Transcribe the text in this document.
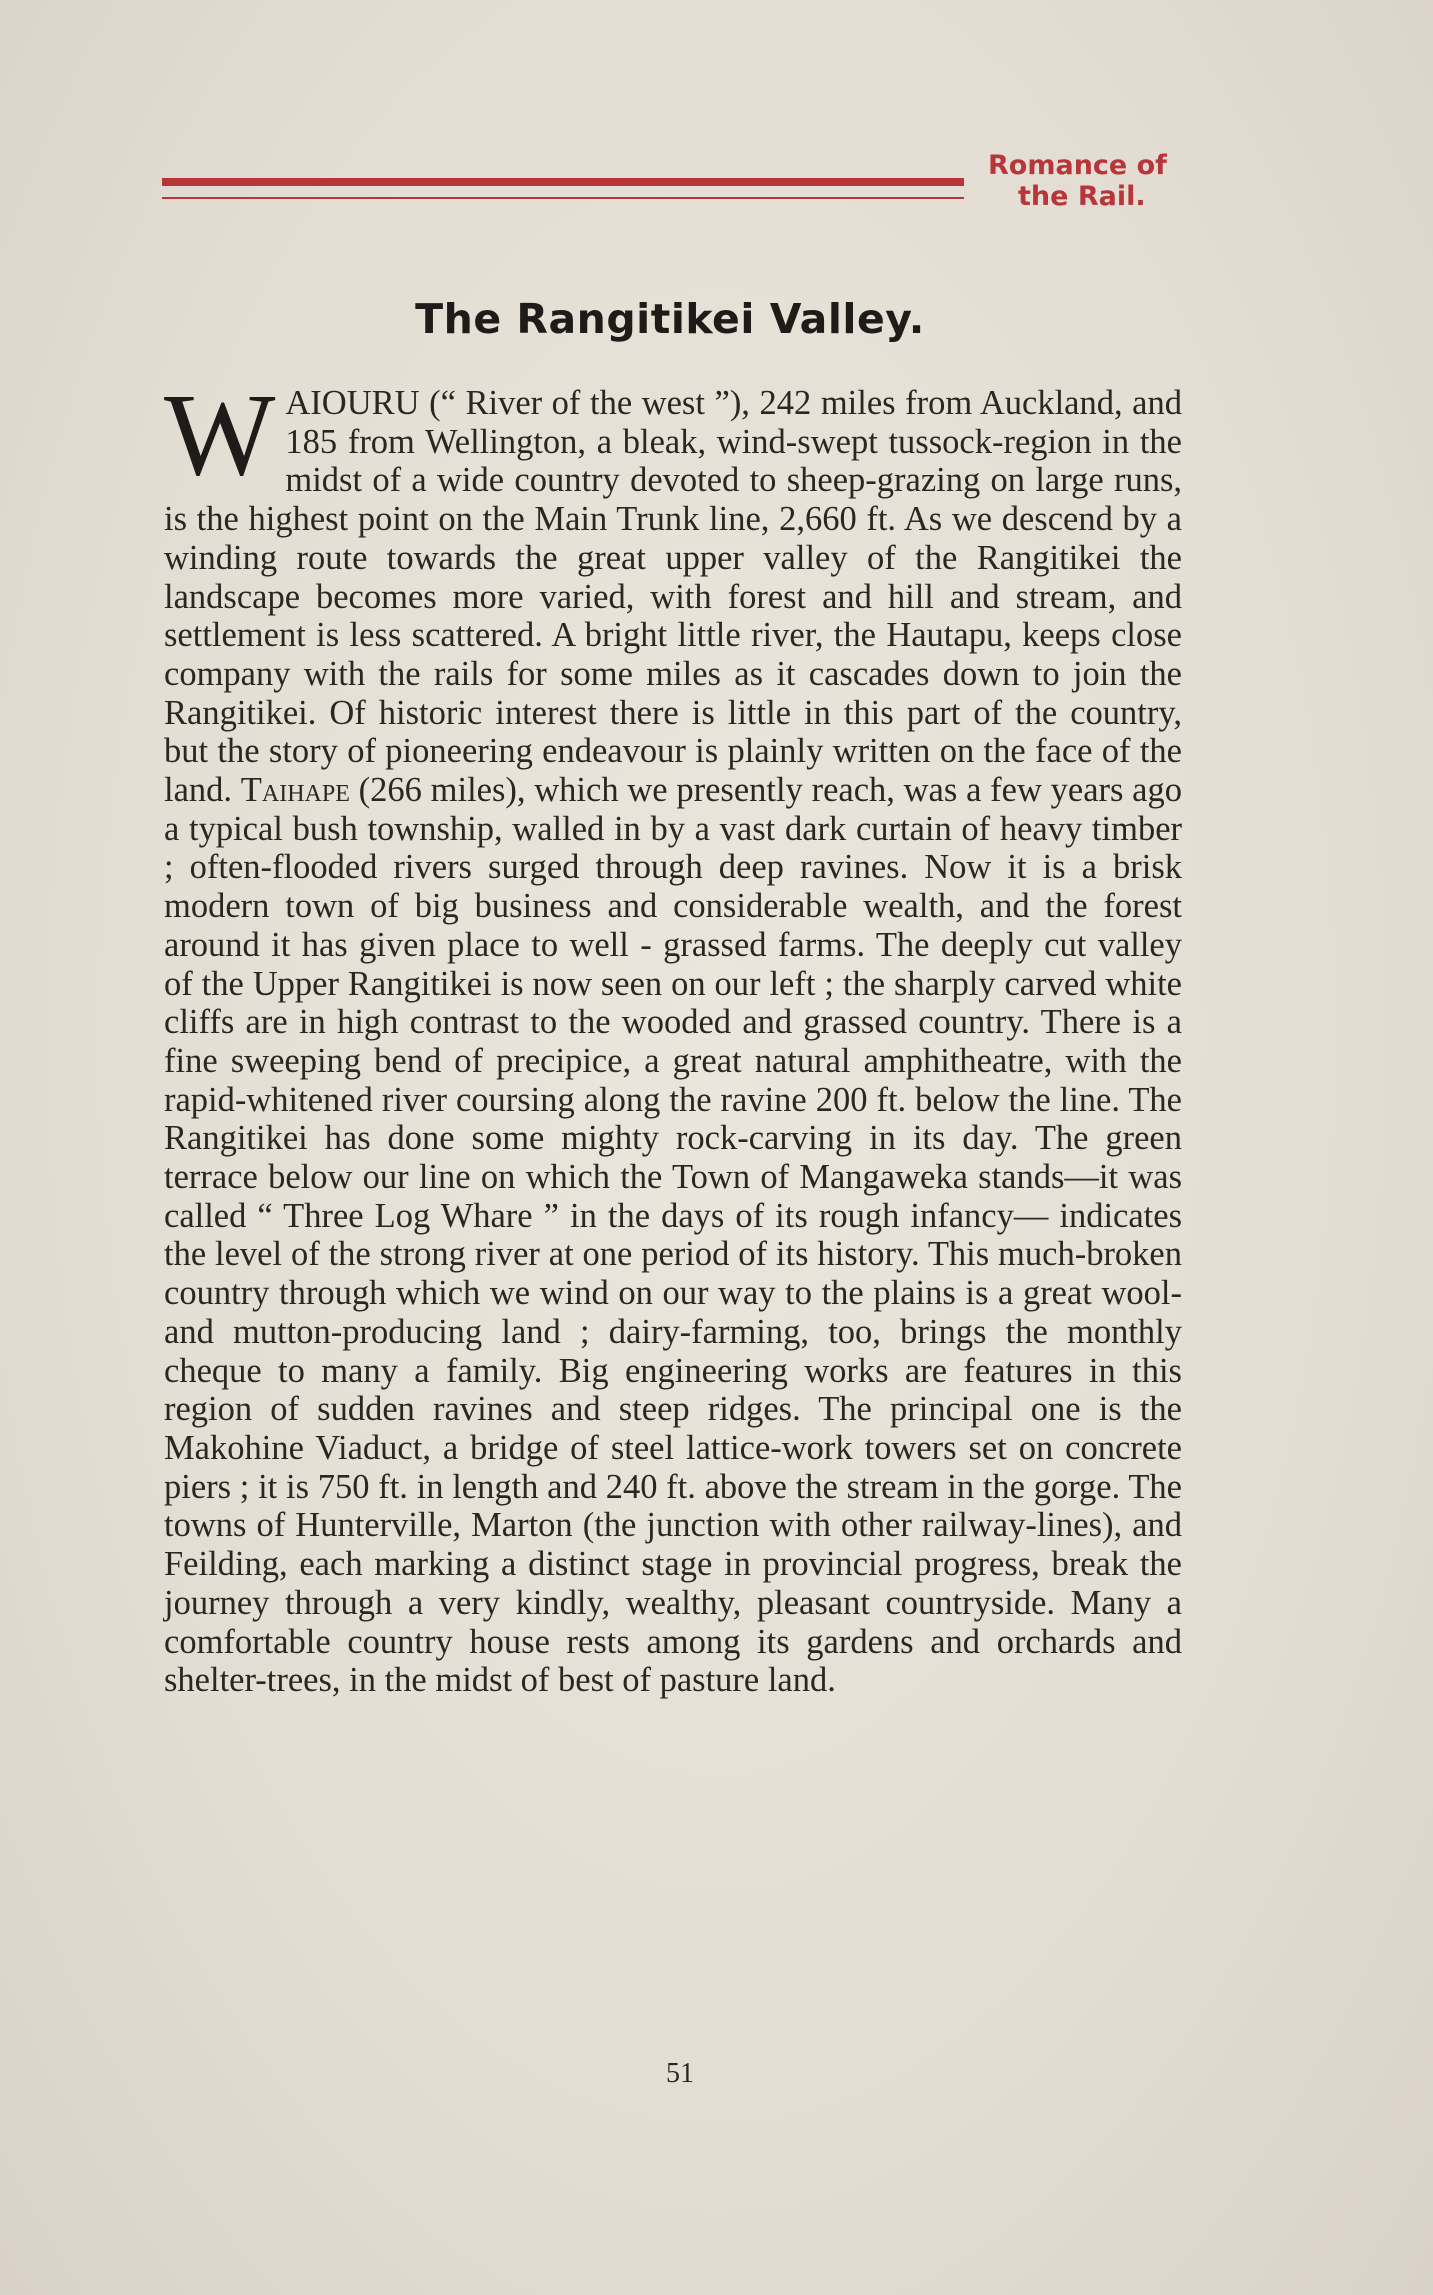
Romance of
the Rail.
The Rangitikei Valley.
WAIOURU (“ River of the west ”), 242 miles from Auckland, and 185 from Wellington, a bleak, wind-swept tussock-region in the midst of a wide country devoted to sheep-grazing on large runs, is the highest point on the Main Trunk line, 2,660 ft. As we descend by a winding route towards the great upper valley of the Rangitikei the landscape becomes more varied, with forest and hill and stream, and settlement is less scattered. A bright little river, the Hautapu, keeps close company with the rails for some miles as it cascades down to join the Rangitikei. Of historic interest there is little in this part of the country, but the story of pioneering endeavour is plainly written on the face of the land. Taihape (266 miles), which we presently reach, was a few years ago a typical bush township, walled in by a vast dark curtain of heavy timber ; often-flooded rivers surged through deep ravines. Now it is a brisk modern town of big business and considerable wealth, and the forest around it has given place to well - grassed farms. The deeply cut valley of the Upper Rangitikei is now seen on our left ; the sharply carved white cliffs are in high contrast to the wooded and grassed country. There is a fine sweeping bend of precipice, a great natural amphitheatre, with the rapid-whitened river coursing along the ravine 200 ft. below the line. The Rangitikei has done some mighty rock-carving in its day. The green terrace below our line on which the Town of Mangaweka stands—it was called “ Three Log Whare ” in the days of its rough infancy— indicates the level of the strong river at one period of its history. This much-broken country through which we wind on our way to the plains is a great wool- and mutton-producing land ; dairy-farming, too, brings the monthly cheque to many a family. Big engineering works are features in this region of sudden ravines and steep ridges. The principal one is the Makohine Viaduct, a bridge of steel lattice-work towers set on concrete piers ; it is 750 ft. in length and 240 ft. above the stream in the gorge. The towns of Hunterville, Marton (the junction with other railway-lines), and Feilding, each marking a distinct stage in provincial progress, break the journey through a very kindly, wealthy, pleasant countryside. Many a comfortable country house rests among its gardens and orchards and shelter-trees, in the midst of best of pasture land.
51
